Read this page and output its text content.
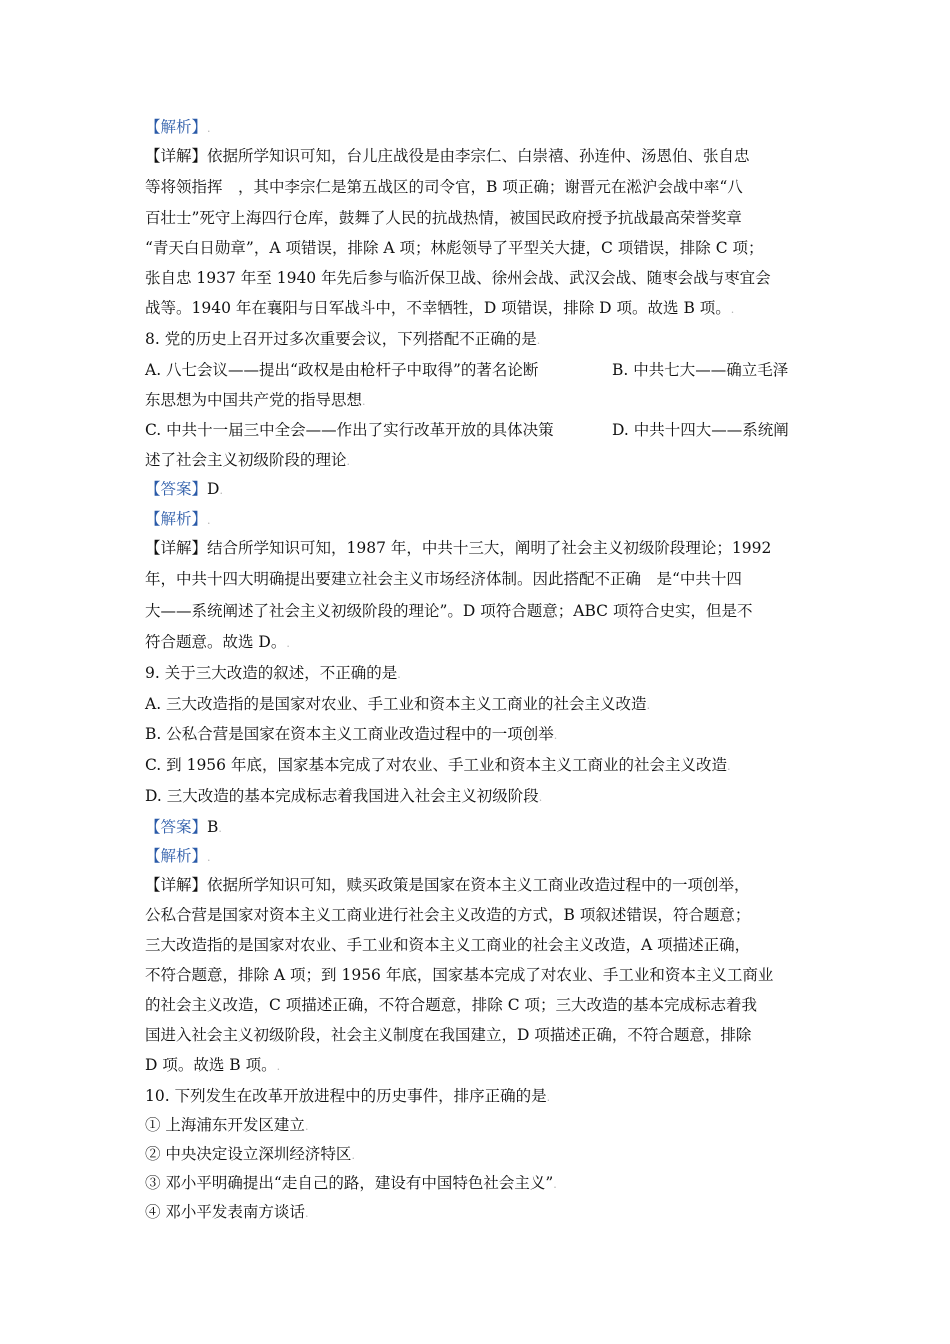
【解析】.
【详解】依据所学知识可知，台儿庄战役是由李宗仁、白崇禧、孙连仲、汤恩伯、张自忠
等将领指挥　，其中李宗仁是第五战区的司令官，B 项正确；谢晋元在淞沪会战中率“八
百壮士”死守上海四行仓库，鼓舞了人民的抗战热情，被国民政府授予抗战最高荣誉奖章
“青天白日勋章”，A 项错误，排除 A 项；林彪领导了平型关大捷，C 项错误，排除 C 项；
张自忠 1937 年至 1940 年先后参与临沂保卫战、徐州会战、武汉会战、随枣会战与枣宜会
战等。1940 年在襄阳与日军战斗中，不幸牺牲，D 项错误，排除 D 项。故选 B 项。.
8. 党的历史上召开过多次重要会议，下列搭配不正确的是.
A. 八七会议——提出“政权是由枪杆子中取得”的著名论断	B. 中共七大——确立毛泽
东思想为中国共产党的指导思想.
C. 中共十一届三中全会——作出了实行改革开放的具体决策	D. 中共十四大——系统阐
述了社会主义初级阶段的理论.
【答案】D.
【解析】.
【详解】结合所学知识可知，1987 年，中共十三大，阐明了社会主义初级阶段理论；1992
年，中共十四大明确提出要建立社会主义市场经济体制。因此搭配不正确　是“中共十四
大——系统阐述了社会主义初级阶段的理论”。D 项符合题意；ABC 项符合史实，但是不
符合题意。故选 D。.
9. 关于三大改造的叙述，不正确的是.
A. 三大改造指的是国家对农业、手工业和资本主义工商业的社会主义改造.
B. 公私合营是国家在资本主义工商业改造过程中的一项创举.
C. 到 1956 年底，国家基本完成了对农业、手工业和资本主义工商业的社会主义改造.
D. 三大改造的基本完成标志着我国进入社会主义初级阶段.
【答案】B.
【解析】.
【详解】依据所学知识可知，赎买政策是国家在资本主义工商业改造过程中的一项创举，
公私合营是国家对资本主义工商业进行社会主义改造的方式，B 项叙述错误，符合题意；
三大改造指的是国家对农业、手工业和资本主义工商业的社会主义改造，A 项描述正确，
不符合题意，排除 A 项；到 1956 年底，国家基本完成了对农业、手工业和资本主义工商业
的社会主义改造，C 项描述正确，不符合题意，排除 C 项；三大改造的基本完成标志着我
国进入社会主义初级阶段，社会主义制度在我国建立，D 项描述正确，不符合题意，排除
D 项。故选 B 项。.
10. 下列发生在改革开放进程中的历史事件，排序正确的是.
① 上海浦东开发区建立.
② 中央决定设立深圳经济特区.
③ 邓小平明确提出“走自己的路，建设有中国特色社会主义”.
④ 邓小平发表南方谈话.
